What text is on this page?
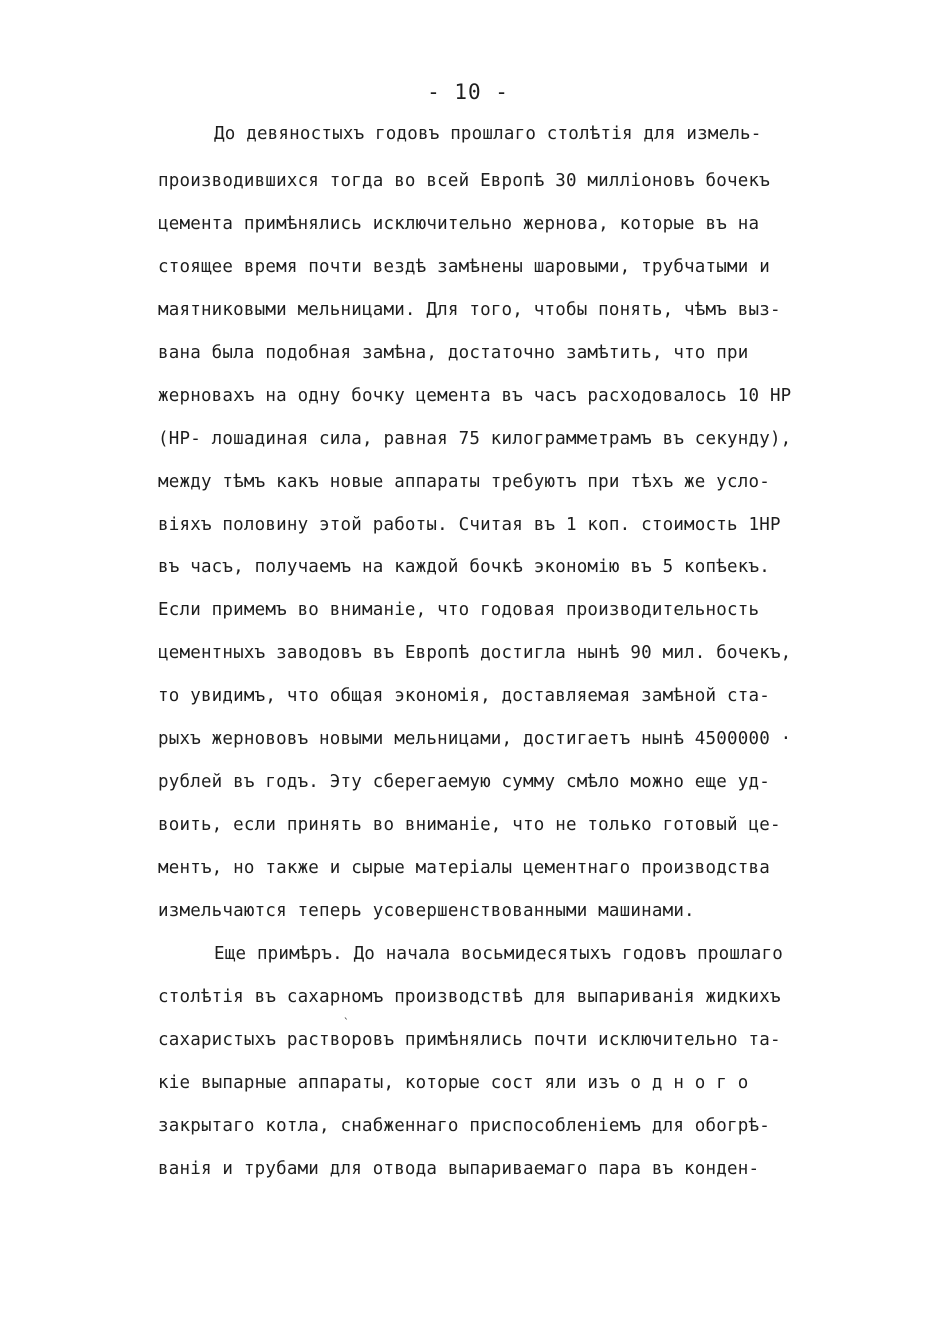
- 10 -
До девяностыхъ годовъ прошлаго столѣтія для измель-
производившихся тогда во всей Европѣ 30 милліоновъ бочекъ
цемента примѣнялись исключительно жернова, которые въ на
стоящее время почти вездѣ замѣнены шаровыми, трубчатыми и
маятниковыми мельницами. Для того, чтобы понять, чѣмъ выз-
вана была подобная замѣна, достаточно замѣтить, что при
жерновахъ на одну бочку цемента въ часъ расходовалось 10 НР
(НР- лошадиная сила, равная 75 килограмметрамъ въ секунду),
между тѣмъ какъ новые аппараты требуютъ при тѣхъ же усло-
віяхъ половину этой работы. Считая въ 1 коп. стоимость 1НР
въ часъ, получаемъ на каждой бочкѣ экономію въ 5 копѣекъ.
Если примемъ во вниманіе, что годовая производительность
цементныхъ заводовъ въ Европѣ достигла нынѣ 90 мил. бочекъ,
то увидимъ, что общая экономія, доставляемая замѣной ста-
рыхъ жернововъ новыми мельницами, достигаетъ нынѣ 4500000 ·
рублей въ годъ. Эту сберегаемую сумму смѣло можно еще уд-
воить, если принять во вниманіе, что не только готовый це-
ментъ, но также и сырые матеріалы цементнаго производства
измельчаются теперь усовершенствованными машинами.
Еще примѣръ. До начала восьмидесятыхъ годовъ прошлаго
столѣтія въ сахарномъ производствѣ для выпариванія жидкихъ
`
сахаристыхъ растворовъ примѣнялись почти исключительно та-
кіе выпарные аппараты, которые сост яли изъ о д н о г о
закрытаго котла, снабженнаго приспособленіемъ для обогрѣ-
ванія и трубами для отвода выпариваемаго пара въ конден-
